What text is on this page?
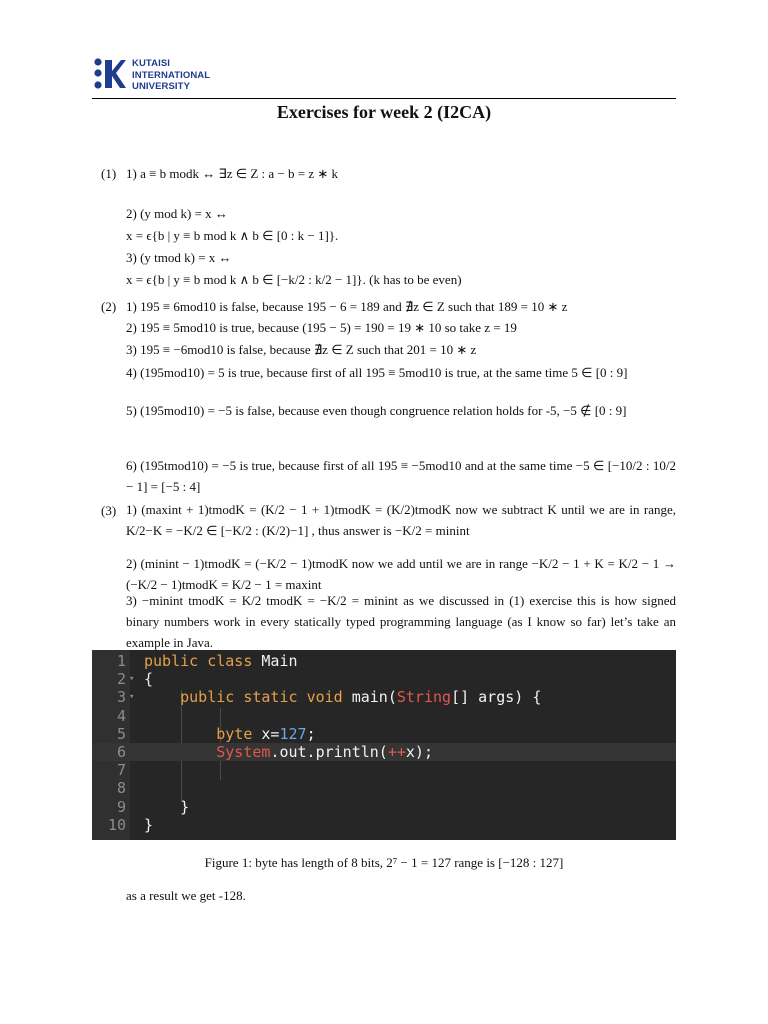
KUTAISI
INTERNATIONAL
UNIVERSITY
Exercises for week 2 (I2CA)
(1) 1) a ≡ b modk ↔ ∃z ∈ Z : a − b = z ∗ k
2) (y mod k) = x ↔
x = ϵ{b | y ≡ b mod k ∧ b ∈ [0 : k − 1]}.
3) (y tmod k) = x ↔
x = ϵ{b | y ≡ b mod k ∧ b ∈ [−k/2 : k/2 − 1]}. (k has to be even)
(2) 1) 195 ≡ 6mod10 is false, because 195 − 6 = 189 and ∄z ∈ Z such that 189 = 10 ∗ z
2) 195 ≡ 5mod10 is true, because (195 − 5) = 190 = 19 ∗ 10 so take z = 19
3) 195 ≡ −6mod10 is false, because ∄z ∈ Z such that 201 = 10 ∗ z
4) (195mod10) = 5 is true, because first of all 195 ≡ 5mod10 is true, at the same time 5 ∈ [0 : 9]
5) (195mod10) = −5 is false, because even though congruence relation holds for -5, −5 ∉ [0 : 9]
6) (195tmod10) = −5 is true, because first of all 195 ≡ −5mod10 and at the same time −5 ∈ [−10/2 : 10/2 − 1] = [−5 : 4]
(3) 1) (maxint + 1)tmodK = (K/2 − 1 + 1)tmodK = (K/2)tmodK now we subtract K until we are in range, K/2−K = −K/2 ∈ [−K/2 : (K/2)−1] , thus answer is −K/2 = minint
2) (minint − 1)tmodK = (−K/2 − 1)tmodK now we add until we are in range −K/2 − 1 + K = K/2 − 1 → (−K/2 − 1)tmodK = K/2 − 1 = maxint
3) −minint tmodK = K/2 tmodK = −K/2 = minint as we discussed in (1) exercise this is how signed binary numbers work in every statically typed programming language (as I know so far) let’s take an example in Java.
1 public class Main
2 ▾ {
3 ▾	public static void main(String[] args) {
4
5	byte x=127;
6	System.out.println(++x);
7
8
9	}
10 }
Figure 1: byte has length of 8 bits, 2⁷ − 1 = 127 range is [−128 : 127]
as a result we get -128.
